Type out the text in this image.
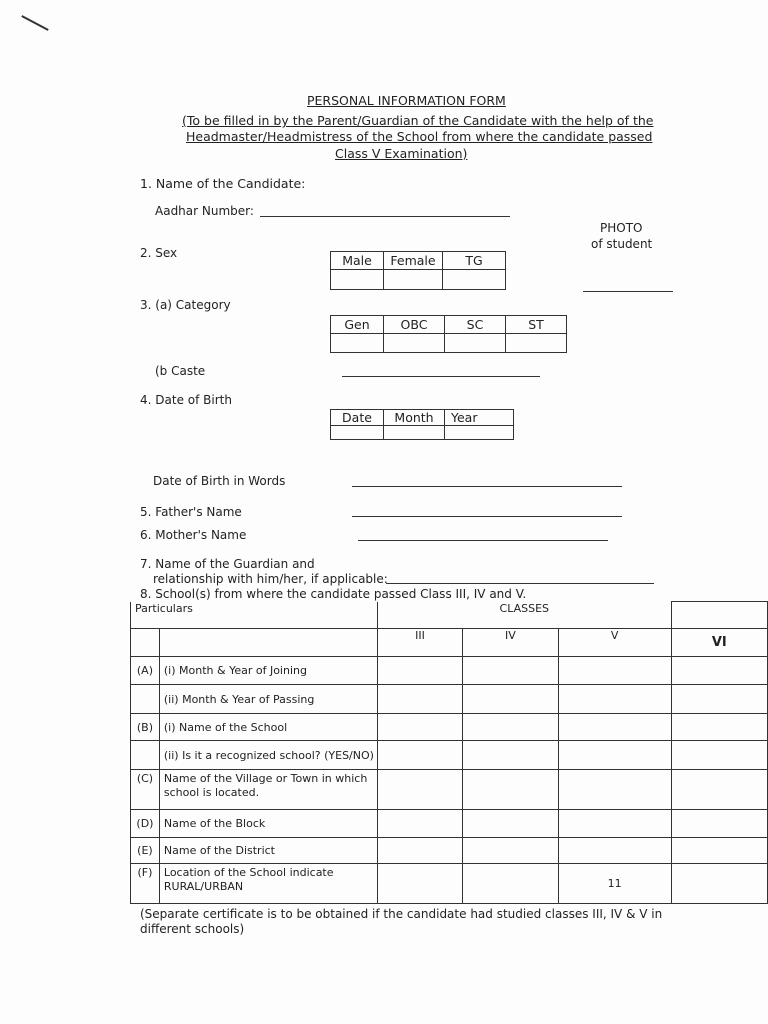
PERSONAL INFORMATION FORM
(To be filled in by the Parent/Guardian of the Candidate with the help of the
Headmaster/Headmistress of the School from where the candidate passed
Class V Examination)
1. Name of the Candidate:
Aadhar Number:
PHOTO
of student
2. Sex	Male	Female	TG

3. (a) Category
Gen	OBC	SC	ST

(b Caste
4. Date of Birth
Date	Month	Year

Date of Birth in Words
5. Father's Name
6. Mother's Name
7. Name of the Guardian and
relationship with him/her, if applicable:
8. School(s) from where the candidate passed Class III, IV and V.
Particulars		CLASSES			
		III	IV	V	VI
(A)	(i) Month & Year of Joining				
	(ii) Month & Year of Passing				
(B)	(i) Name of the School				
	(ii) Is it a recognized school? (YES/NO)				
(C)	Name of the Village or Town in which
school is located.				

(D)	Name of the Block				
(E)	Name of the District				
(F)	Location of the School indicate
RURAL/URBAN			11	
(Separate certificate is to be obtained if the candidate had studied classes III, IV & V in
different schools)
